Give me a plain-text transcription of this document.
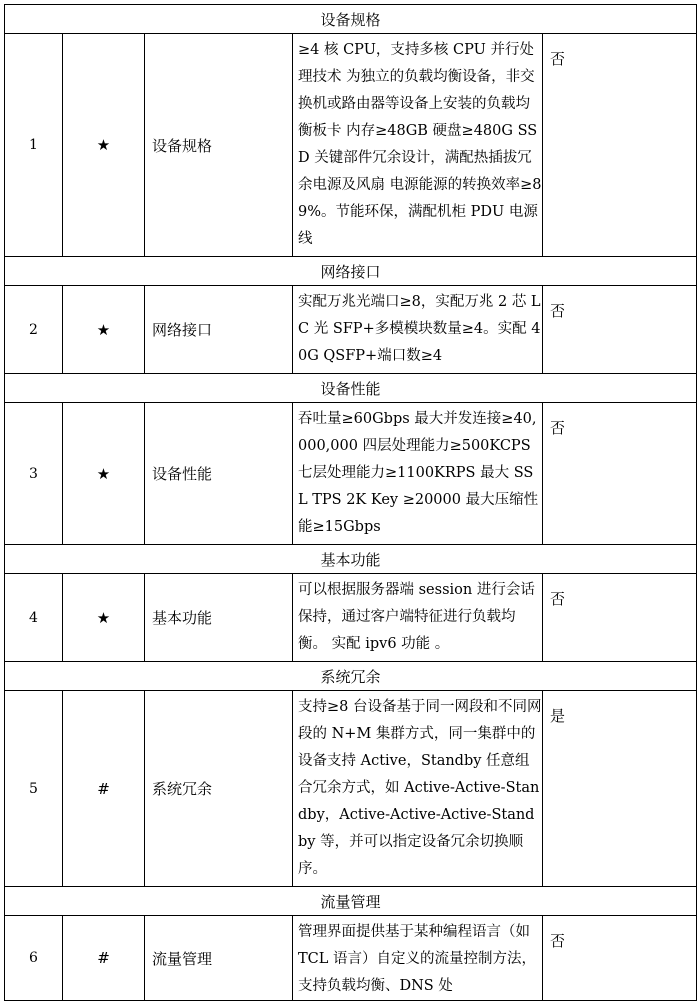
设备规格				
1	★	设备规格	≥4 核 CPU，支持多核 CPU 并行处理技术 为独立的负载均衡设备，非交换机或路由器等设备上安装的负载均衡板卡 内存≥48GB 硬盘≥480G SSD 关键部件冗余设计，满配热插拔冗余电源及风扇 电源能源的转换效率≥89%。节能环保，满配机柜 PDU 电源线	否
网络接口				
2	★	网络接口	实配万兆光端口≥8，实配万兆 2 芯 LC 光 SFP+多模模块数量≥4。实配 40G QSFP+端口数≥4	否
设备性能				
3	★	设备性能	吞吐量≥60Gbps 最大并发连接≥40,000,000 四层处理能力≥500KCPS 七层处理能力≥1100KRPS 最大 SSL TPS 2K Key ≥20000 最大压缩性能≥15Gbps	否
基本功能				
4	★	基本功能	可以根据服务器端 session 进行会话保持，通过客户端特征进行负载均衡。 实配 ipv6 功能 。	否
系统冗余				
5	#	系统冗余	支持≥8 台设备基于同一网段和不同网段的 N+M 集群方式，同一集群中的设备支持 Active，Standby 任意组合冗余方式，如 Active-Active-Standby，Active-Active-Active-Standby 等，并可以指定设备冗余切换顺序。	是
流量管理				
6	#	流量管理	管理界面提供基于某种编程语言（如 TCL 语言）自定义的流量控制方法，支持负载均衡、DNS 处	否
